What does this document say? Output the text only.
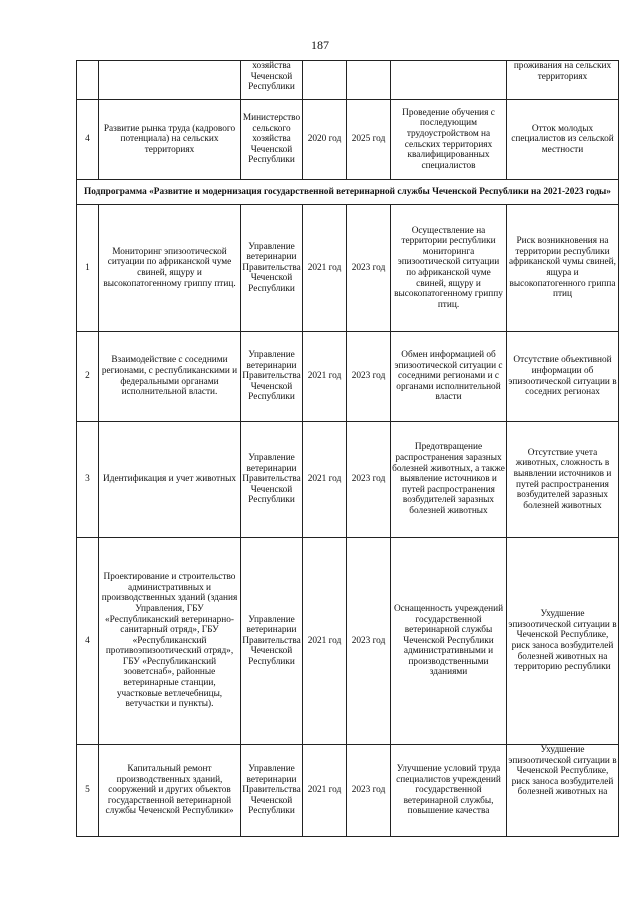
187
		хозяйства Чеченской Республики				проживания на сельских территориях
4	Развитие рынка труда (кадрового потенциала) на сельских территориях	Министерство сельского хозяйства Чеченской Республики	2020 год	2025 год	Проведение обучения с последующим трудоустройством на сельских территориях квалифицированных специалистов	Отток молодых специалистов из сельской местности
Подпрограмма «Развитие и модернизация государственной ветеринарной службы Чеченской Республики на 2021-2023 годы»						
1	Мониторинг эпизоотической ситуации по африканской чуме свиней, ящуру и высокопатогенному гриппу птиц.	Управление ветеринарии Правительства Чеченской Республики	2021 год	2023 год	Осуществление на территории республики мониторинга эпизоотической ситуации по африканской чуме свиней, ящуру и высокопатогенному гриппу птиц.	Риск возникновения на территории республики африканской чумы свиней, ящура и высокопатогенного гриппа птиц
2	Взаимодействие с соседними регионами, с республиканскими и федеральными органами исполнительной власти.	Управление ветеринарии Правительства Чеченской Республики	2021 год	2023 год	Обмен информацией об эпизоотической ситуации с соседними регионами и с органами исполнительной власти	Отсутствие объективной информации об эпизоотической ситуации в соседних регионах
3	Идентификация и учет животных	Управление ветеринарии Правительства Чеченской Республики	2021 год	2023 год	Предотвращение распространения заразных болезней животных, а также выявление источников и путей распространения возбудителей заразных болезней животных	Отсутствие учета животных, сложность в выявлении источников и путей распространения возбудителей заразных болезней животных
4	Проектирование и строительство административных и производственных зданий (здания Управления, ГБУ «Республиканский ветеринарно-санитарный отряд», ГБУ «Республиканский противоэпизоотический отряд», ГБУ «Республиканский зооветснаб», районные ветеринарные станции, участковые ветлечебницы, ветучастки и пункты).	Управление ветеринарии Правительства Чеченской Республики	2021 год	2023 год	Оснащенность учреждений государственной ветеринарной службы Чеченской Республики административными и производственными зданиями	Ухудшение эпизоотической ситуации в Чеченской Республике, риск заноса возбудителей болезней животных на территорию республики
5	Капитальный ремонт производственных зданий, сооружений и других объектов государственной ветеринарной службы Чеченской Республики»	Управление ветеринарии Правительства Чеченской Республики	2021 год	2023 год	Улучшение условий труда специалистов учреждений государственной ветеринарной службы, повышение качества	Ухудшение эпизоотической ситуации в Чеченской Республике, риск заноса возбудителей болезней животных на
